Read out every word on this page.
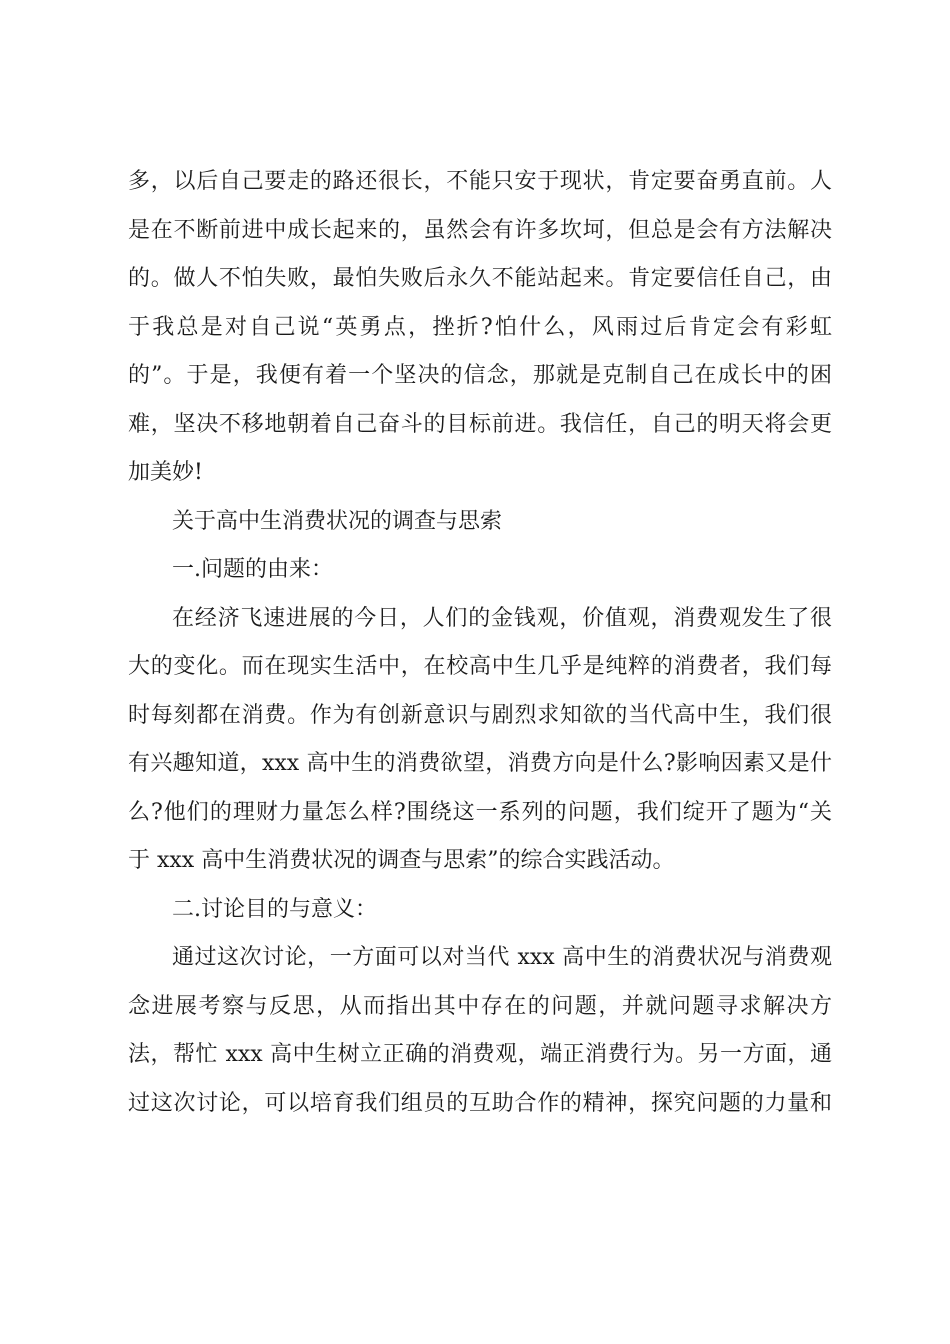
多，以后自己要走的路还很长，不能只安于现状，肯定要奋勇直前。人
是在不断前进中成长起来的，虽然会有许多坎坷，但总是会有方法解决
的。做人不怕失败，最怕失败后永久不能站起来。肯定要信任自己，由
于我总是对自己说“英勇点，挫折?怕什么，风雨过后肯定会有彩虹
的”。于是，我便有着一个坚决的信念，那就是克制自己在成长中的困
难，坚决不移地朝着自己奋斗的目标前进。我信任，自己的明天将会更
加美妙!
关于高中生消费状况的调查与思索
一.问题的由来：
在经济飞速进展的今日，人们的金钱观，价值观，消费观发生了很
大的变化。而在现实生活中，在校高中生几乎是纯粹的消费者，我们每
时每刻都在消费。作为有创新意识与剧烈求知欲的当代高中生，我们很
有兴趣知道，xxx 高中生的消费欲望，消费方向是什么?影响因素又是什
么?他们的理财力量怎么样?围绕这一系列的问题，我们绽开了题为“关
于 xxx 高中生消费状况的调查与思索”的综合实践活动。
二.讨论目的与意义：
通过这次讨论，一方面可以对当代 xxx 高中生的消费状况与消费观
念进展考察与反思，从而指出其中存在的问题，并就问题寻求解决方
法，帮忙 xxx 高中生树立正确的消费观，端正消费行为。另一方面，通
过这次讨论，可以培育我们组员的互助合作的精神，探究问题的力量和
